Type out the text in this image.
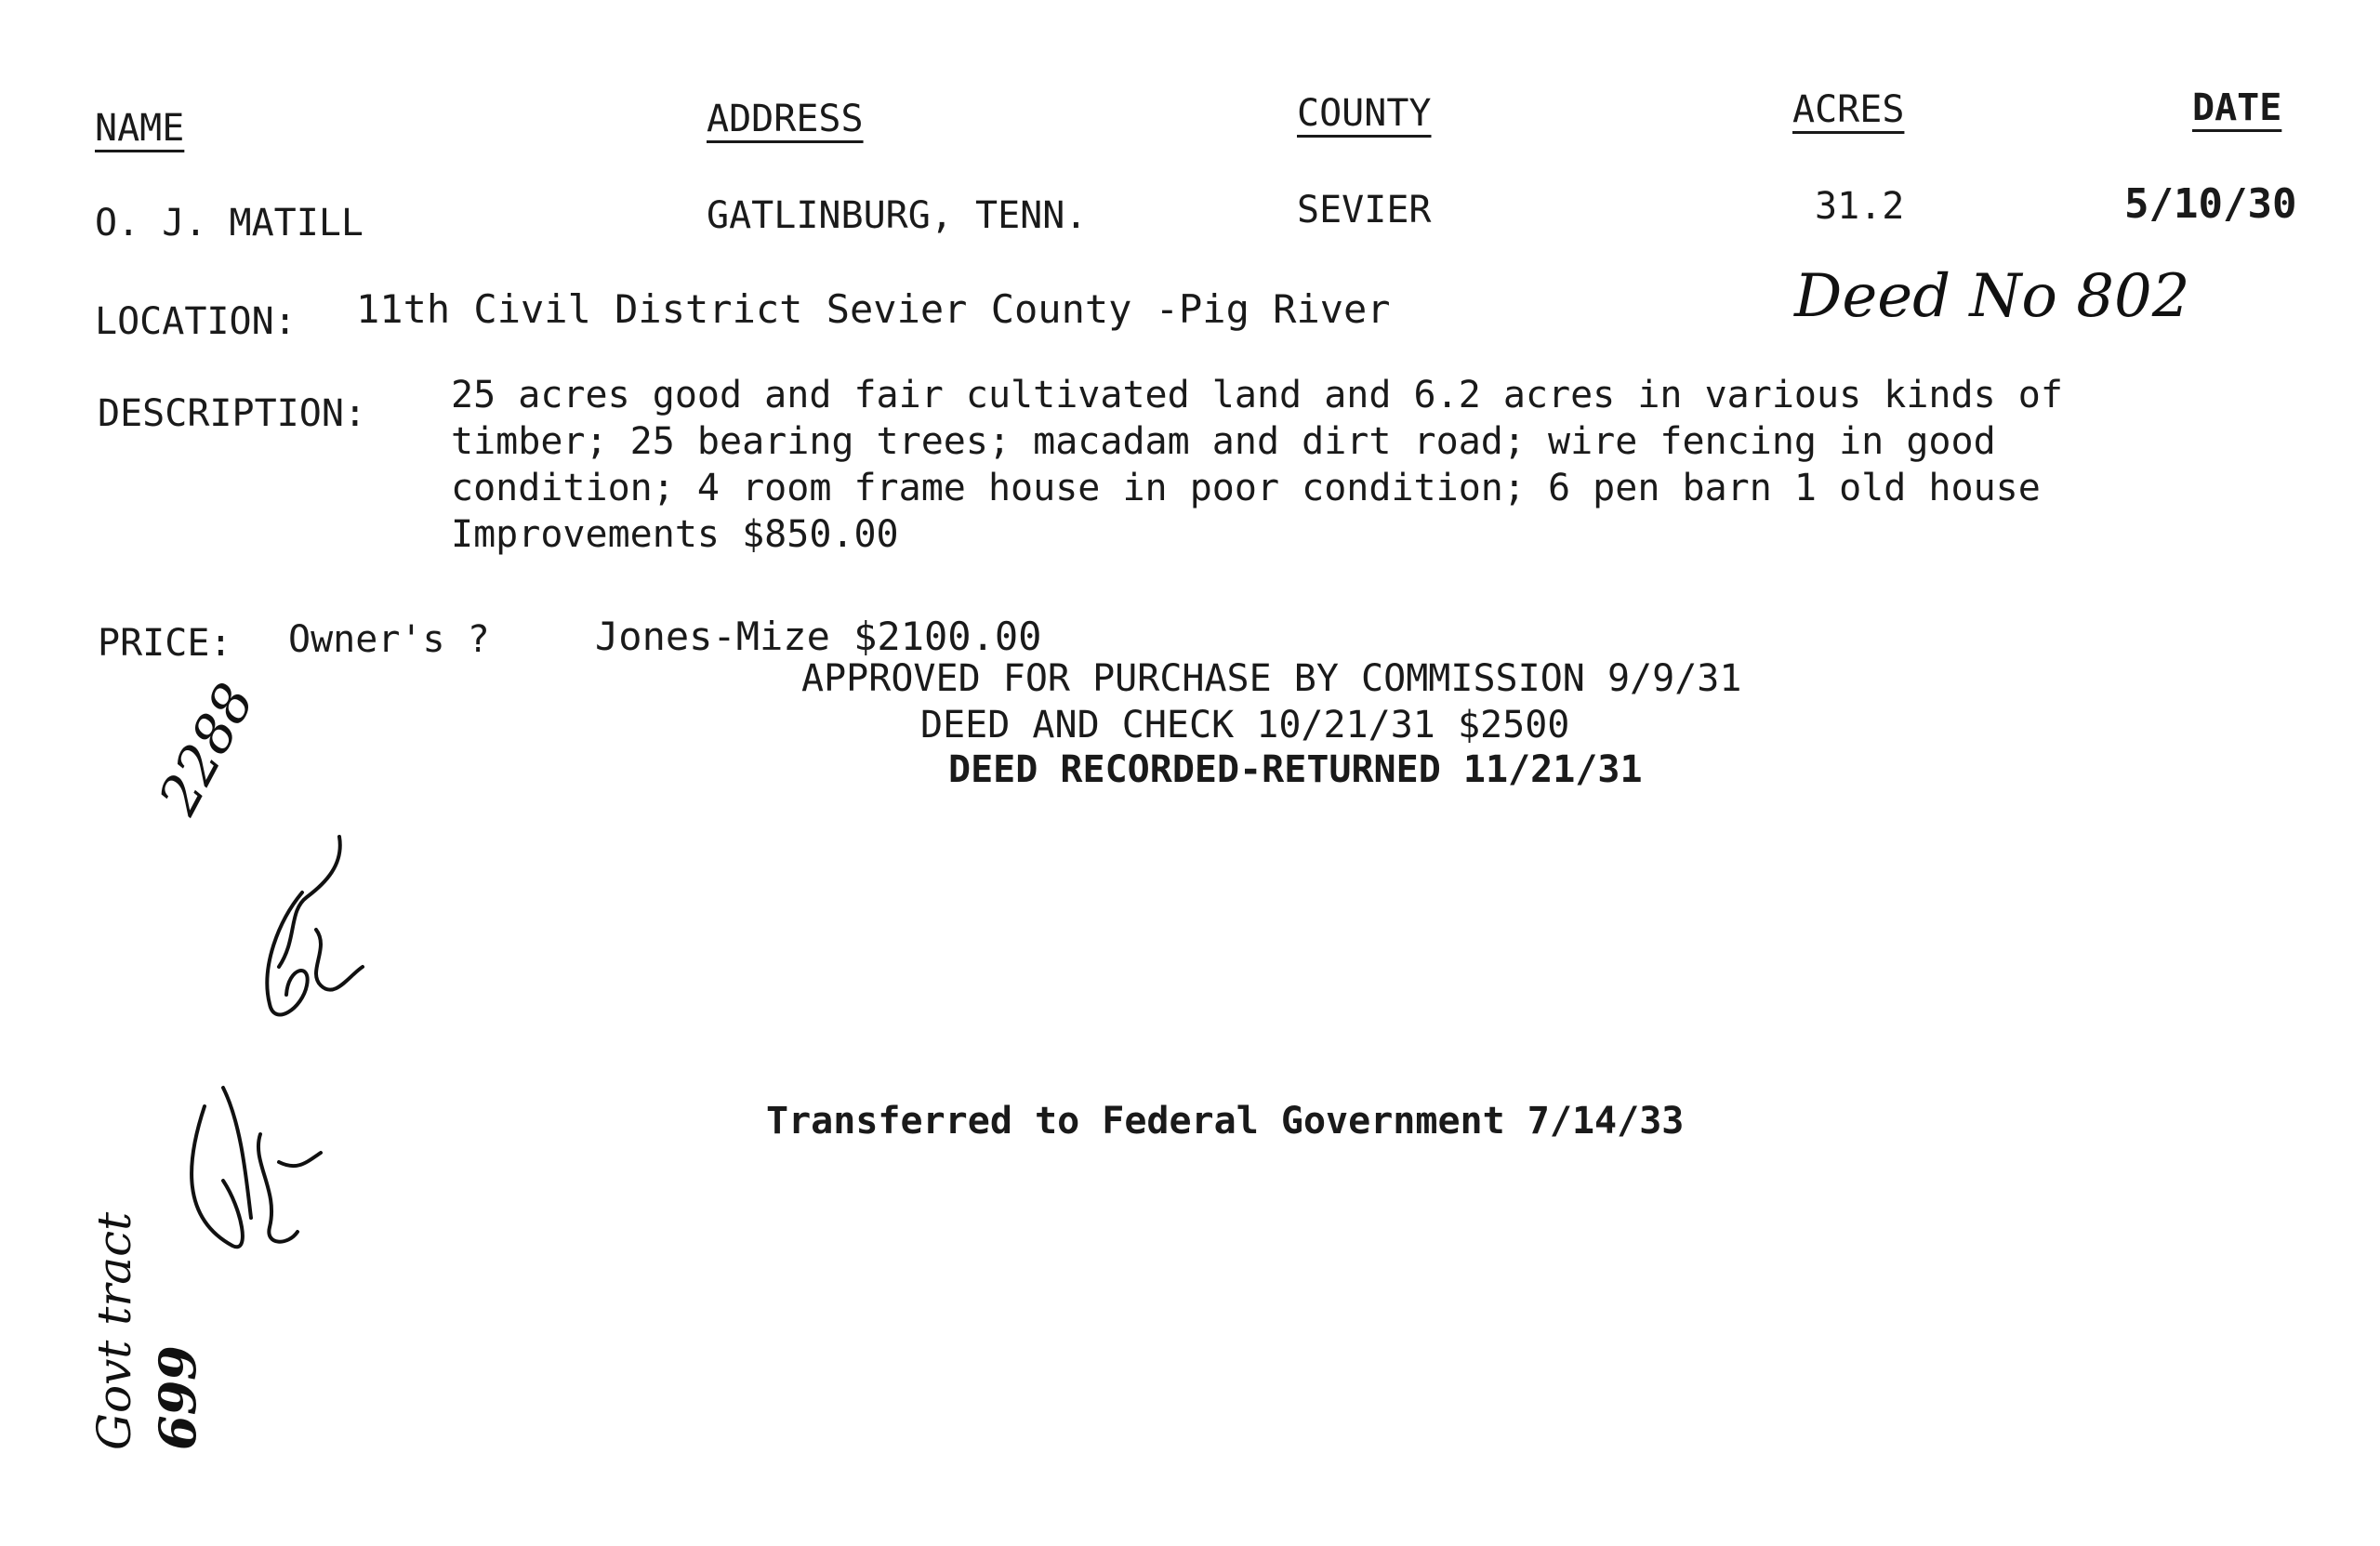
NAME	ADDRESS	COUNTY	ACRES	DATE
O. J. MATILL	GATLINBURG, TENN.	SEVIER	31.2	5/10/30
Deed No 802
LOCATION: 11th Civil District Sevier County -Pig River
DESCRIPTION: 25 acres good and fair cultivated land and 6.2 acres in various kinds of
timber; 25 bearing trees; macadam and dirt road; wire fencing in good
condition; 4 room frame house in poor condition; 6 pen barn 1 old house
Improvements $850.00
PRICE: Owner's ?	Jones-Mize $2100.00
APPROVED FOR PURCHASE BY COMMISSION 9/9/31
DEED AND CHECK 10/21/31 $2500
DEED RECORDED-RETURNED 11/21/31
Transferred to Federal Government 7/14/33
2288
Govt tract 699
